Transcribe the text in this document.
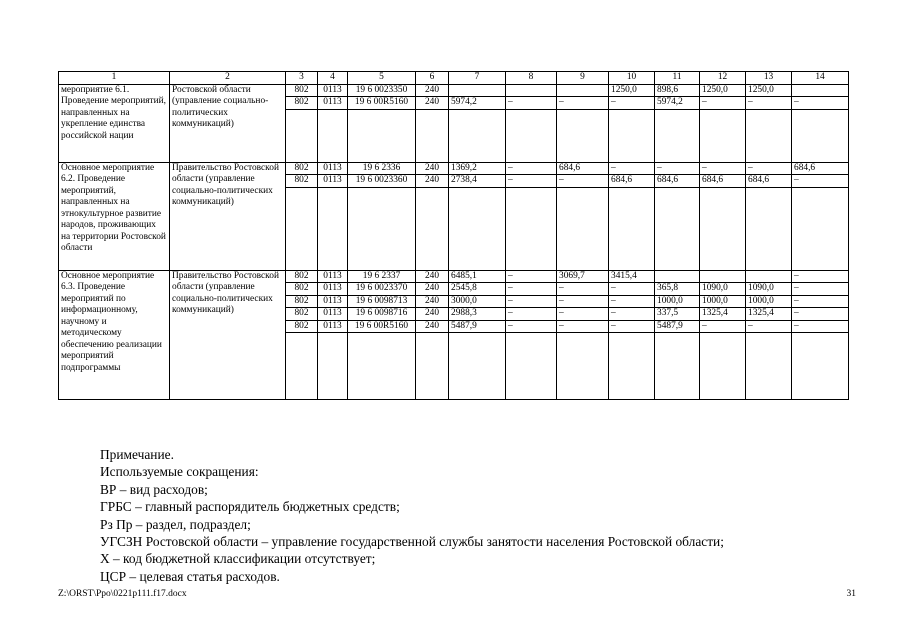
1	2	3	4	5	6	7	8	9	10	11	12	13	14
мероприятие 6.1. Проведение мероприятий, направленных на укрепление единства российской нации	Ростовской области (управление социально-политических коммуникаций)	802	0113	19 6 0023350	240				1250,0	898,6	1250,0	1250,0	
		802	0113	19 6 00R5160	240	5974,2	–	–	–	5974,2	–	–	–

Основное мероприятие 6.2. Проведение мероприятий, направленных на этнокультурное развитие народов, проживающих на территории Ростовской области	Правительство Ростовской области (управление социально-политических коммуникаций)	802	0113	19 6 2336	240	1369,2	–	684,6	–	–	–	–	684,6
		802	0113	19 6 0023360	240	2738,4	–	–	684,6	684,6	684,6	684,6	–

Основное мероприятие 6.3. Проведение мероприятий по информационному, научному и методическому обеспечению реализации мероприятий подпрограммы	Правительство Ростовской области (управление социально-политических коммуникаций)	802	0113	19 6 2337	240	6485,1	–	3069,7	3415,4				–
		802	0113	19 6 0023370	240	2545,8	–	–	–	365,8	1090,0	1090,0	–
		802	0113	19 6 0098713	240	3000,0	–	–	–	1000,0	1000,0	1000,0	–
		802	0113	19 6 0098716	240	2988,3	–	–	–	337,5	1325,4	1325,4	–
		802	0113	19 6 00R5160	240	5487,9	–	–	–	5487,9	–	–	–

Примечание.
Используемые сокращения:
ВР – вид расходов;
ГРБС – главный распорядитель бюджетных средств;
Рз Пр – раздел, подраздел;
УГСЗН Ростовской области – управление государственной службы занятости населения Ростовской области;
Х – код бюджетной классификации отсутствует;
ЦСР – целевая статья расходов.
Z:\ORST\Ppo\0221p111.f17.docx	31
